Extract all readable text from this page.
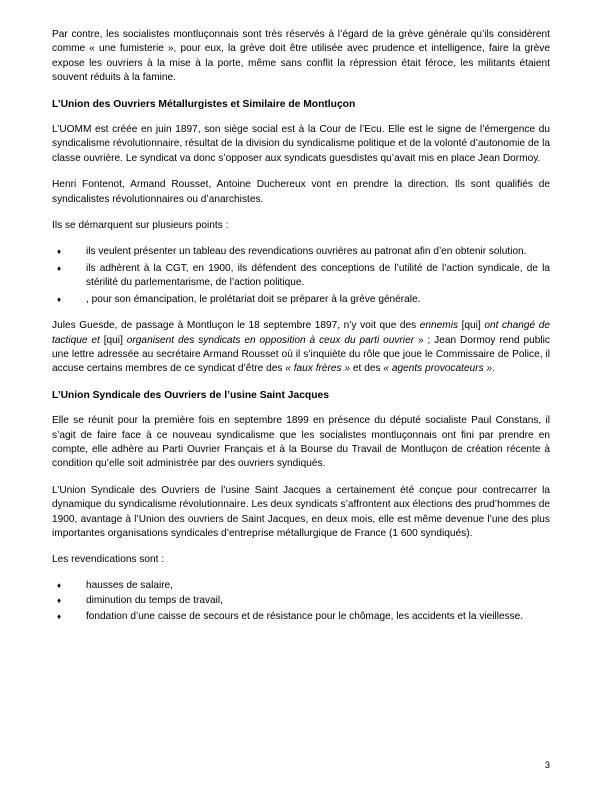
Par contre, les socialistes montluçonnais sont très réservés à l’égard de la grève générale qu’ils considèrent comme « une fumisterie », pour eux, la grève doit être utilisée avec prudence et intelligence, faire la grève expose les ouvriers à la mise à la porte, même sans conflit la répression était féroce, les militants étaient souvent réduits à la famine.

L’Union des Ouvriers Métallurgistes et Similaire de Montluçon

L’UOMM est créée en juin 1897, son siège social est à la Cour de l’Ecu. Elle est le signe de l’émergence du syndicalisme révolutionnaire, résultat de la division du syndicalisme politique et de la volonté d’autonomie de la classe ouvrière. Le syndicat va donc s’opposer aux syndicats guesdistes qu’avait mis en place Jean Dormoy.

Henri Fontenot, Armand Rousset, Antoine Duchereux vont en prendre la direction. Ils sont qualifiés de syndicalistes révolutionnaires ou d’anarchistes.

Ils se démarquent sur plusieurs points :

♦ ils veulent présenter un tableau des revendications ouvrières au patronat afin d’en obtenir solution.
♦ ils adhèrent à la CGT, en 1900, ils défendent des conceptions de l’utilité de l’action syndicale, de la stérilité du parlementarisme, de l’action politique.
♦ , pour son émancipation, le prolétariat doit se préparer à la grève générale.

Jules Guesde, de passage à Montluçon le 18 septembre 1897, n’y voit que des ennemis [qui] ont changé de tactique et [qui] organisent des syndicats en opposition à ceux du parti ouvrier » ; Jean Dormoy rend public une lettre adressée au secrétaire Armand Rousset où il s’inquiète du rôle que joue le Commissaire de Police, il accuse certains membres de ce syndicat d’être des « faux frères » et des « agents provocateurs ».

L’Union Syndicale des Ouvriers de l’usine Saint Jacques

Elle se réunit pour la première fois en septembre 1899 en présence du député socialiste Paul Constans, il s’agit de faire face à ce nouveau syndicalisme que les socialistes montluçonnais ont fini par prendre en compte, elle adhère au Parti Ouvrier Français et à la Bourse du Travail de Montluçon de création récente à condition qu’elle soit administrée par des ouvriers syndiqués.

L’Union Syndicale des Ouvriers de l’usine Saint Jacques a certainement été conçue pour contrecarrer la dynamique du syndicalisme révolutionnaire. Les deux syndicats s’affrontent aux élections des prud’hommes de 1900, avantage à l’Union des ouvriers de Saint Jacques, en deux mois, elle est même devenue l’une des plus importantes organisations syndicales d’entreprise métallurgique de France (1 600 syndiqués).

Les revendications sont :

♦ hausses de salaire,
♦ diminution du temps de travail,
♦ fondation d’une caisse de secours et de résistance pour le chômage, les accidents et la vieillesse.
3
